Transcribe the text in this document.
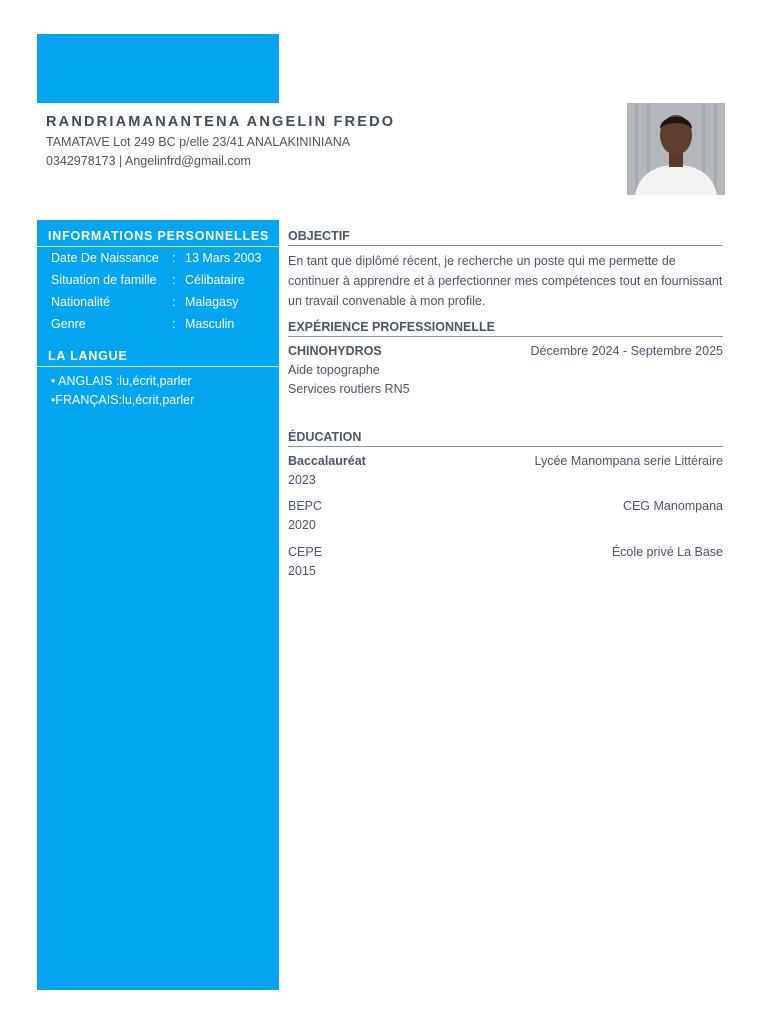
RANDRIAMANANTENA ANGELIN FREDO
TAMATAVE Lot 249 BC p/elle 23/41 ANALAKININIANA
0342978173 | Angelinfrd@gmail.com
INFORMATIONS PERSONNELLES
Date De Naissance : 13 Mars 2003
Situation de famille : Célibataire
Nationalité	: Malagasy
Genre	: Masculin
LA LANGUE
• ANGLAIS :lu,écrit,parler
•FRANÇAIS:lu,écrit,parler
OBJECTIF
En tant que diplômé récent, je recherche un poste qui me permette de continuer à apprendre et à perfectionner mes compétences tout en fournissant un travail convenable à mon profile.
EXPÉRIENCE PROFESSIONNELLE
CHINOHYDROS	Décembre 2024 - Septembre 2025
Aide topographe
Services routiers RN5
ÉDUCATION
Baccalauréat	Lycée Manompana serie Littéraire
2023
BEPC	CEG Manompana
2020
CEPE	École privé La Base
2015
